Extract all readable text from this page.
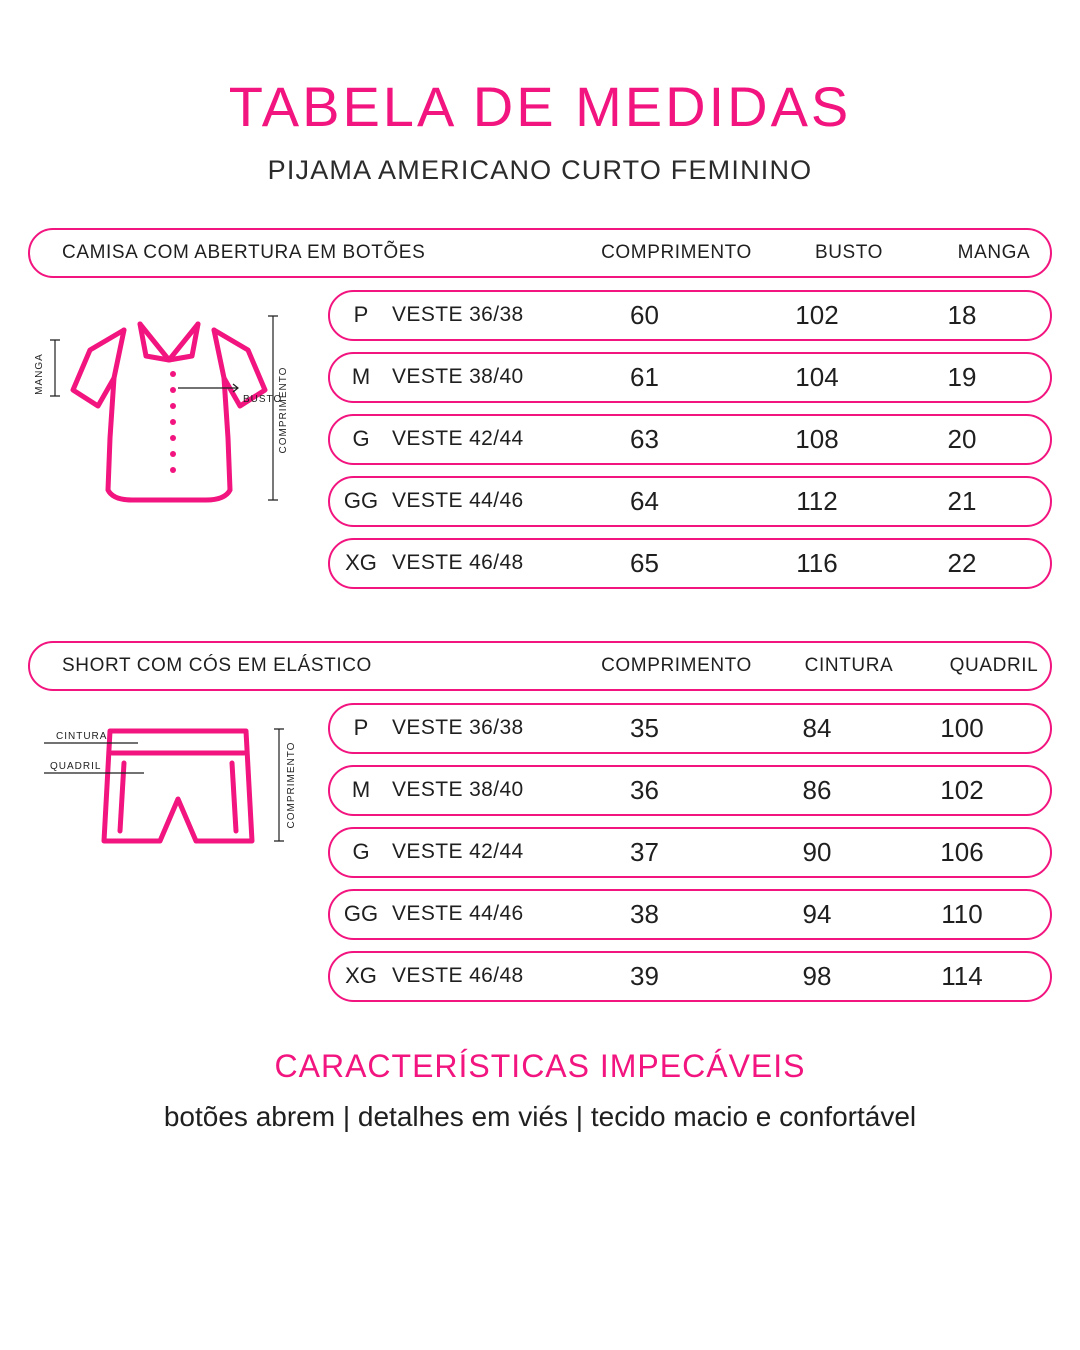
TABELA DE MEDIDAS

PIJAMA AMERICANO CURTO FEMININO

CAMISA COM ABERTURA EM BOTÕES	COMPRIMENTO	BUSTO	MANGA
MANGA
BUSTO
COMPRIMENTO
P	VESTE 36/38	60	102	18
M	VESTE 38/40	61	104	19
G	VESTE 42/44	63	108	20
GG VESTE 44/46	64	112	21
XG VESTE 46/48	65	116	22
SHORT COM CÓS EM ELÁSTICO	COMPRIMENTO	CINTURA	QUADRIL
CINTURA
QUADRIL	COMPRIMENTO
P	VESTE 36/38	35	84	100
M	VESTE 38/40	36	86	102
G	VESTE 42/44	37	90	106
GG VESTE 44/46	38	94	110
XG VESTE 46/48	39	98	114

CARACTERÍSTICAS IMPECÁVEIS

botões abrem | detalhes em viés | tecido macio e confortável
